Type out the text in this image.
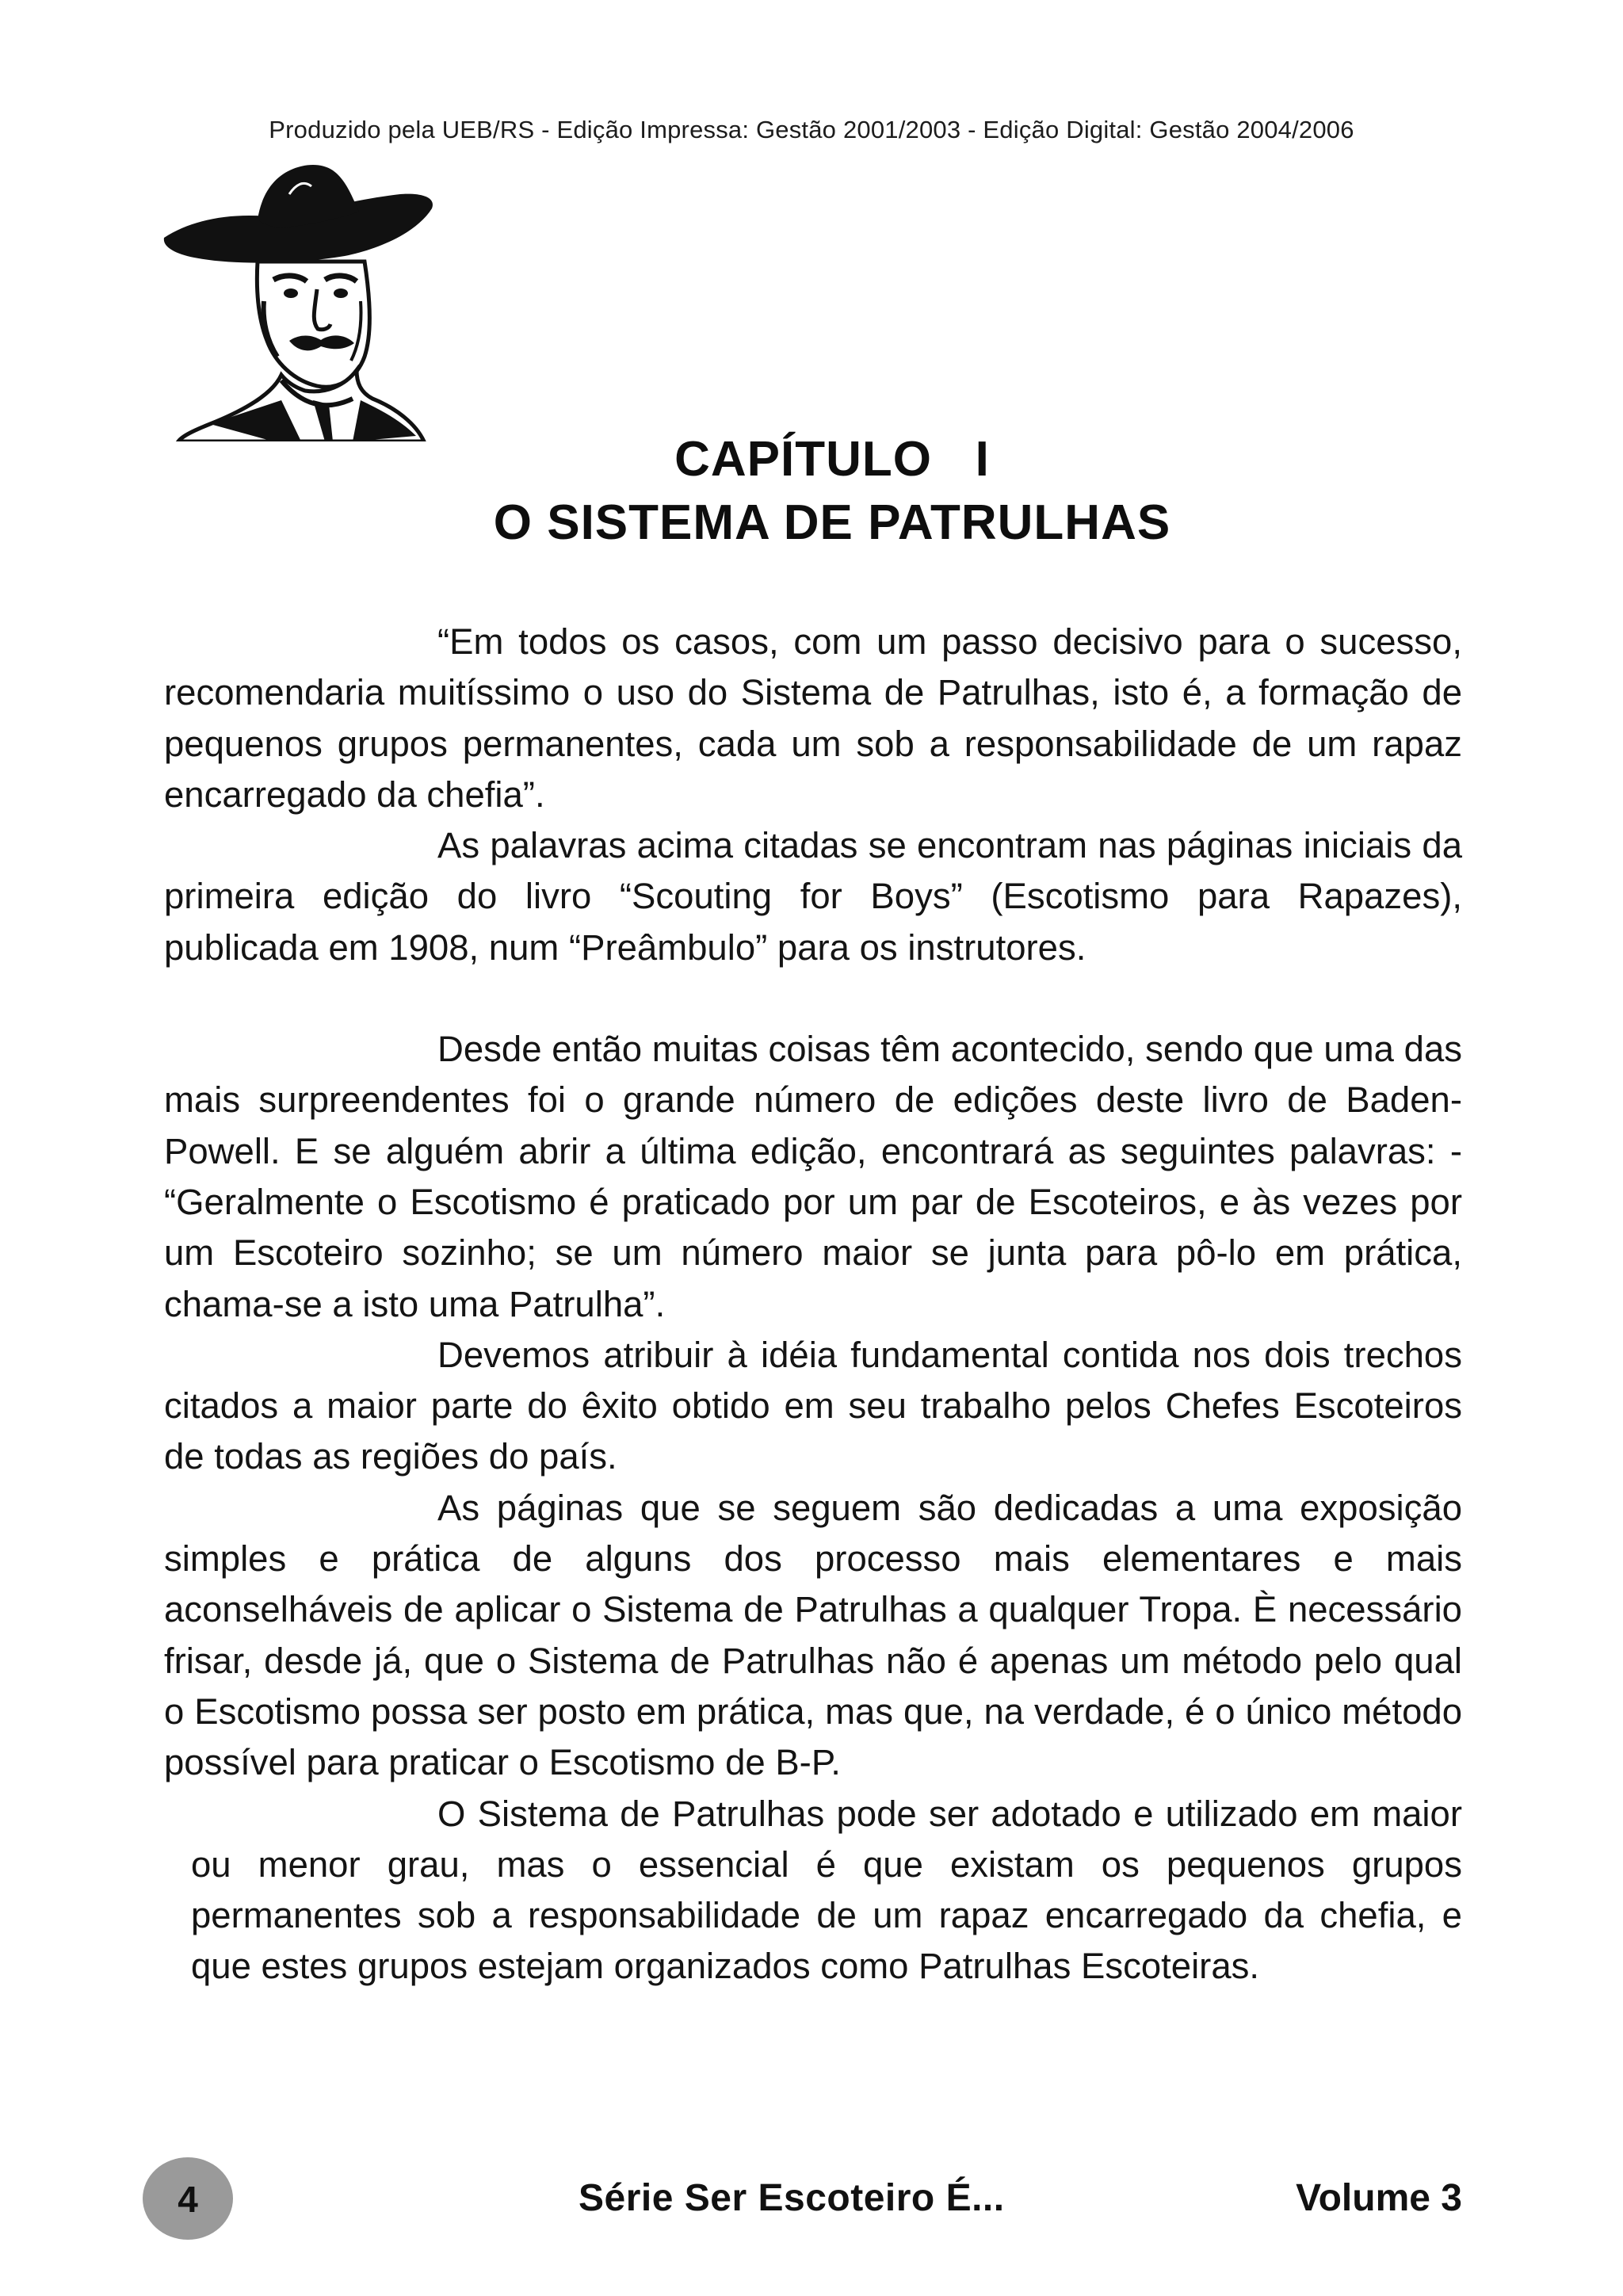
Produzido pela UEB/RS - Edição Impressa: Gestão 2001/2003 - Edição Digital: Gestão 2004/2006
CAPÍTULO   I
O SISTEMA DE PATRULHAS

“Em todos os casos, com um passo decisivo para o sucesso, recomendaria muitíssimo o uso do Sistema de Patrulhas, isto é, a formação de pequenos grupos permanentes, cada um sob a responsabilidade de um rapaz encarregado da chefia”.

As palavras acima citadas se encontram nas páginas iniciais da primeira edição do livro “Scouting for Boys” (Escotismo para Rapazes), publicada em 1908, num “Preâmbulo” para os instrutores.

Desde então muitas coisas têm acontecido, sendo que uma das mais surpreendentes foi o grande número de edições deste livro de Baden-Powell. E se alguém abrir a última edição, encontrará as seguintes palavras: - “Geralmente o Escotismo é praticado por um par de Escoteiros, e às vezes por um Escoteiro sozinho; se um número maior se junta para pô-lo em prática, chama-se a isto uma Patrulha”.

Devemos atribuir à idéia fundamental contida nos dois trechos citados a maior parte do êxito obtido em seu trabalho pelos Chefes Escoteiros de todas as regiões do país.

As páginas que se seguem são dedicadas a uma exposição simples e prática de alguns dos processo mais elementares e mais aconselháveis de aplicar o Sistema de Patrulhas a qualquer Tropa. È necessário frisar, desde já, que o Sistema de Patrulhas não é apenas um método pelo qual o Escotismo possa ser posto em prática, mas que, na verdade, é o único método possível para praticar o Escotismo de B-P.

O Sistema de Patrulhas pode ser adotado e utilizado em maior ou menor grau, mas o essencial é que existam os pequenos grupos permanentes sob a responsabilidade de um rapaz encarregado da chefia, e que estes grupos estejam organizados como Patrulhas Escoteiras.

4	Série Ser Escoteiro É...	Volume 3
